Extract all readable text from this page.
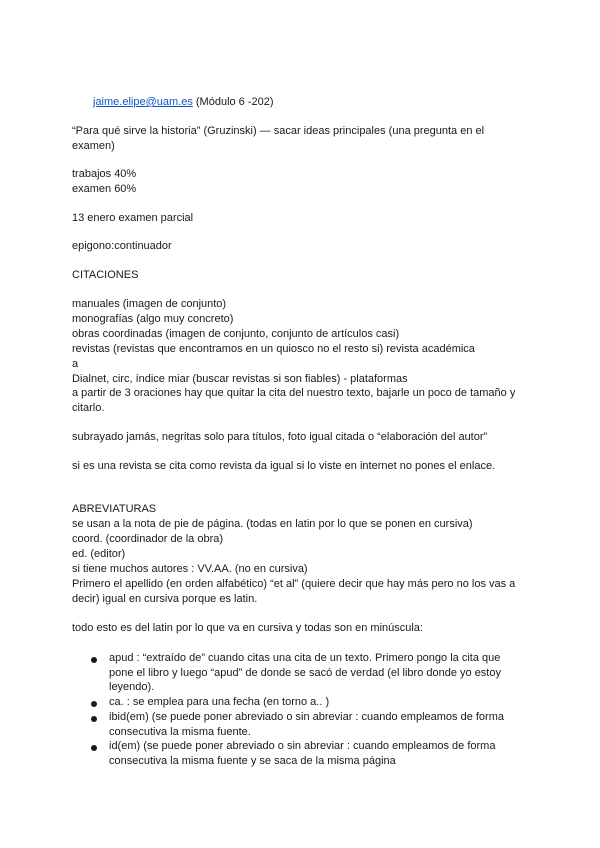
jaime.elipe@uam.es (Módulo 6 -202)
“Para qué sirve la historia” (Gruzinski) — sacar ideas principales (una pregunta en el
examen)
trabajos 40%
examen 60%
13 enero examen parcial
epigono:continuador
CITACIONES
manuales (imagen de conjunto)
monografías (algo muy concreto)
obras coordinadas (imagen de conjunto, conjunto de artículos casi)
revistas (revistas que encontramos en un quiosco no el resto si) revista académica
a
Dialnet, circ, índice miar (buscar revistas si son fiables) - plataformas
a partir de 3 oraciones hay que quitar la cita del nuestro texto, bajarle un poco de tamaño y
citarlo.
subrayado jamás, negritas solo para títulos, foto igual citada o “elaboración del autor”
si es una revista se cita como revista da igual si lo viste en internet no pones el enlace.
ABREVIATURAS
se usan a la nota de pie de página. (todas en latin por lo que se ponen en cursiva)
coord. (coordinador de la obra)
ed. (editor)
si tiene muchos autores : VV.AA. (no en cursiva)
Primero el apellido (en orden alfabético) “et al” (quiere decir que hay más pero no los vas a
decir) igual en cursiva porque es latin.
todo esto es del latin por lo que va en cursiva y todas son en minúscula:
apud : “extraído de” cuando citas una cita de un texto. Primero pongo la cita que
pone el libro y luego “apud” de donde se sacó de verdad (el libro donde yo estoy
leyendo).
ca. : se emplea para una fecha (en torno a.. )
ibid(em) (se puede poner abreviado o sin abreviar : cuando empleamos de forma
consecutiva la misma fuente.
id(em) (se puede poner abreviado o sin abreviar : cuando empleamos de forma
consecutiva la misma fuente y se saca de la misma página
